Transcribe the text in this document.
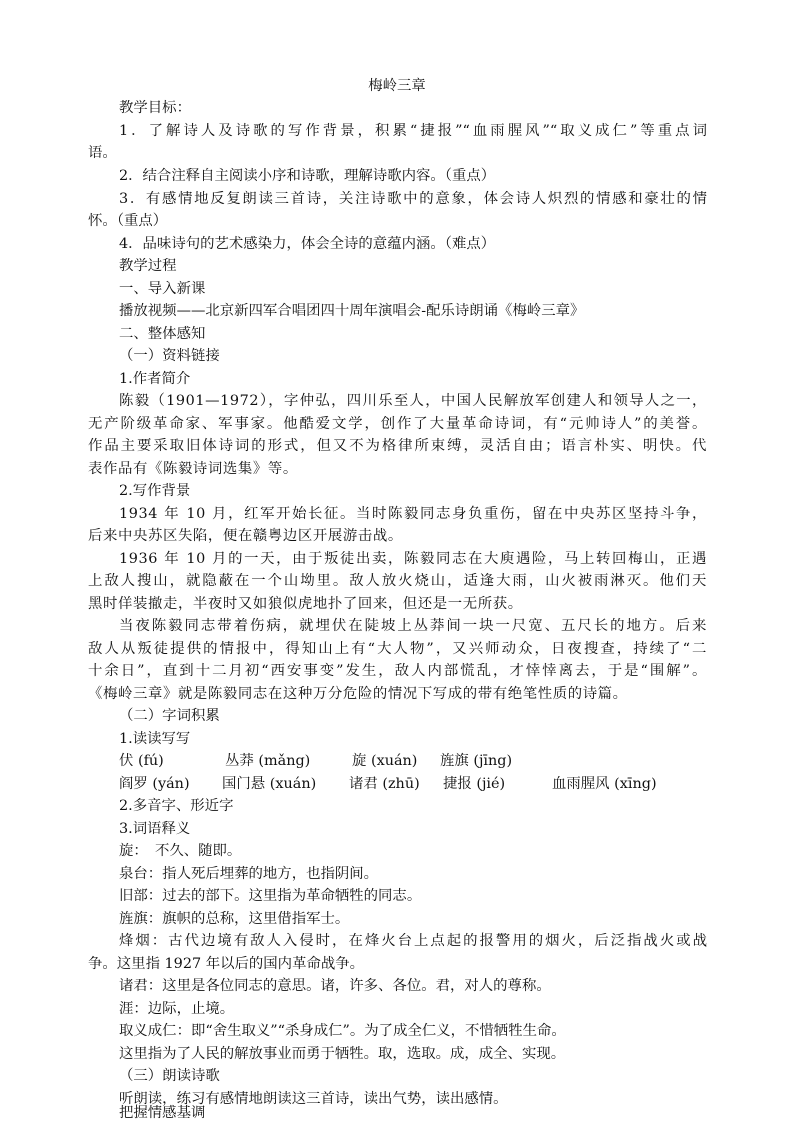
梅岭三章
教学目标：
1．了解诗人及诗歌的写作背景，积累“捷报”“血雨腥风”“取义成仁”等重点词
语。
2．结合注释自主阅读小序和诗歌，理解诗歌内容。（重点）
3．有感情地反复朗读三首诗，关注诗歌中的意象，体会诗人炽烈的情感和豪壮的情
怀。（重点）
4．品味诗句的艺术感染力，体会全诗的意蕴内涵。（难点）
教学过程
一、导入新课
播放视频——北京新四军合唱团四十周年演唱会-配乐诗朗诵《梅岭三章》
二、整体感知
（一）资料链接
1.作者简介
陈毅（1901—1972），字仲弘，四川乐至人，中国人民解放军创建人和领导人之一，
无产阶级革命家、军事家。他酷爱文学，创作了大量革命诗词，有“元帅诗人”的美誉。
作品主要采取旧体诗词的形式，但又不为格律所束缚，灵活自由；语言朴实、明快。代
表作品有《陈毅诗词选集》等。
2.写作背景
1934 年 10 月，红军开始长征。当时陈毅同志身负重伤，留在中央苏区坚持斗争，
后来中央苏区失陷，便在赣粤边区开展游击战。
1936 年 10 月的一天，由于叛徒出卖，陈毅同志在大庾遇险，马上转回梅山，正遇
上敌人搜山，就隐蔽在一个山坳里。敌人放火烧山，适逢大雨，山火被雨淋灭。他们天
黑时佯装撤走，半夜时又如狼似虎地扑了回来，但还是一无所获。
当夜陈毅同志带着伤病，就埋伏在陡坡上丛莽间一块一尺宽、五尺长的地方。后来
敌人从叛徒提供的情报中，得知山上有“大人物”，又兴师动众，日夜搜查，持续了“二
十余日”，直到十二月初“西安事变”发生，敌人内部慌乱，才悻悻离去，于是“围解”。
《梅岭三章》就是陈毅同志在这种万分危险的情况下写成的带有绝笔性质的诗篇。
（二）字词积累
1.读读写写
伏 (fú)	丛莽 (mǎng)	旋 (xuán) 旌旗 (jīng)
阎罗 (yán) 国门悬 (xuán) 诸君 (zhū) 捷报 (jié)	血雨腥风 (xīng)
2.多音字、形近字
3.词语释义
旋：　不久、随即。
泉台：指人死后埋葬的地方，也指阴间。
旧部：过去的部下。这里指为革命牺牲的同志。
旌旗：旗帜的总称，这里借指军士。
烽烟：古代边境有敌人入侵时，在烽火台上点起的报警用的烟火，后泛指战火或战
争。这里指 1927 年以后的国内革命战争。
诸君：这里是各位同志的意思。诸，许多、各位。君，对人的尊称。
涯：边际，止境。
取义成仁：即“舍生取义”“杀身成仁”。为了成全仁义，不惜牺牲生命。
这里指为了人民的解放事业而勇于牺牲。取，选取。成，成全、实现。
（三）朗读诗歌
听朗读，练习有感情地朗读这三首诗，读出气势，读出感情。
把握情感基调
